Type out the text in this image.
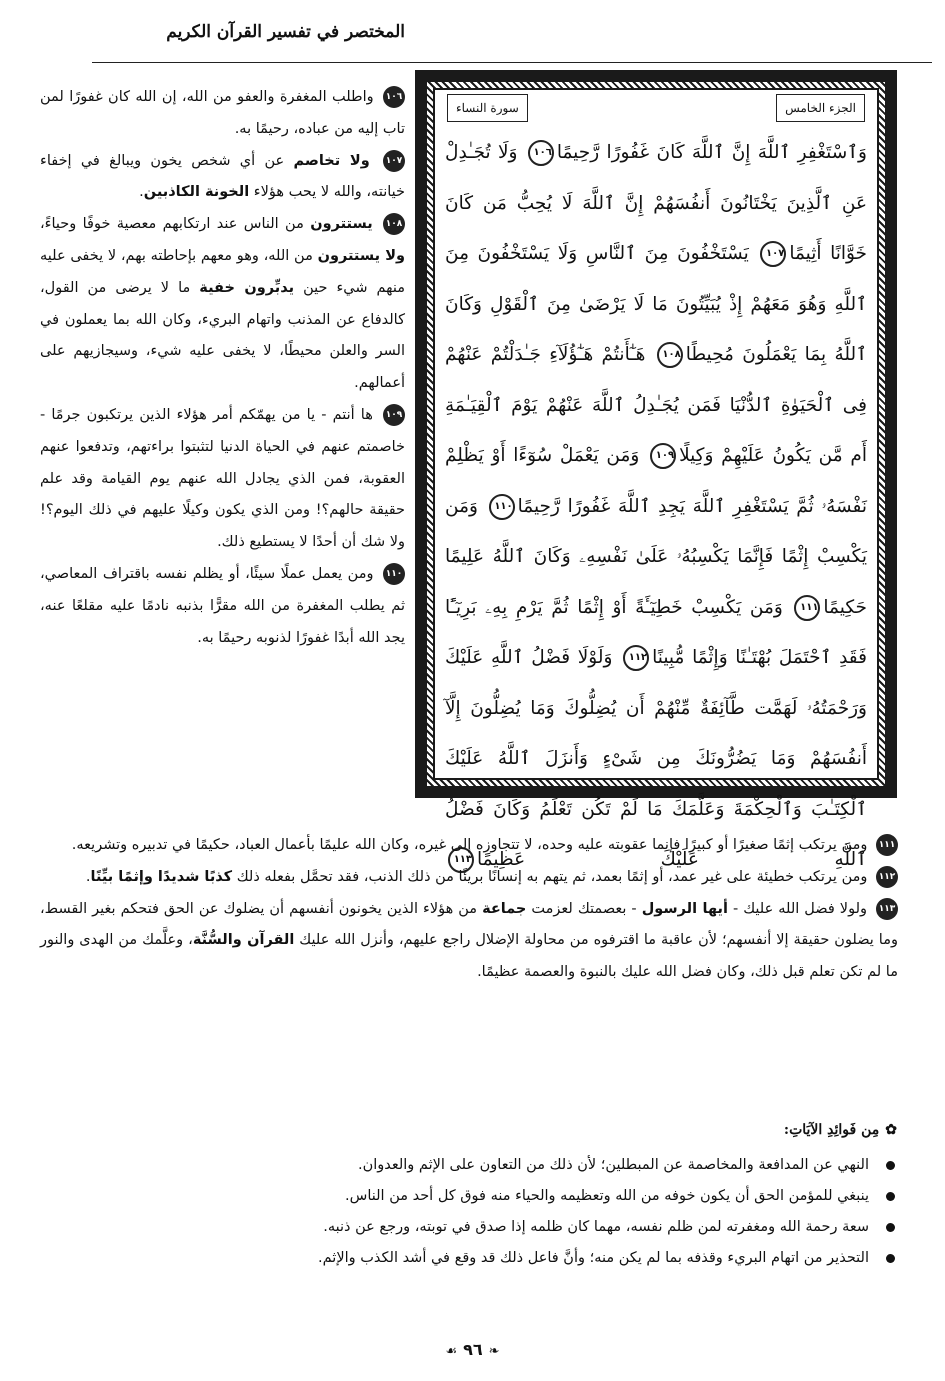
المختصر في تفسير القرآن الكريم
الجزء الخامس
سورة النساء

وَٱسْتَغْفِرِ ٱللَّهَ إِنَّ ٱللَّهَ كَانَ غَفُورًا رَّحِيمًا١٠٦ وَلَا تُجَـٰدِلْ عَنِ ٱلَّذِينَ يَخْتَانُونَ أَنفُسَهُمْ إِنَّ ٱللَّهَ لَا يُحِبُّ مَن كَانَ خَوَّانًا أَثِيمًا١٠٧ يَسْتَخْفُونَ مِنَ ٱلنَّاسِ وَلَا يَسْتَخْفُونَ مِنَ ٱللَّهِ وَهُوَ مَعَهُمْ إِذْ يُبَيِّتُونَ مَا لَا يَرْضَىٰ مِنَ ٱلْقَوْلِ وَكَانَ ٱللَّهُ بِمَا يَعْمَلُونَ مُحِيطًا١٠٨ هَـٰٓأَنتُمْ هَـٰٓؤُلَآءِ جَـٰدَلْتُمْ عَنْهُمْ فِى ٱلْحَيَوٰةِ ٱلدُّنْيَا فَمَن يُجَـٰدِلُ ٱللَّهَ عَنْهُمْ يَوْمَ ٱلْقِيَـٰمَةِ أَم مَّن يَكُونُ عَلَيْهِمْ وَكِيلًا١٠٩ وَمَن يَعْمَلْ سُوٓءًا أَوْ يَظْلِمْ نَفْسَهُۥ ثُمَّ يَسْتَغْفِرِ ٱللَّهَ يَجِدِ ٱللَّهَ غَفُورًا رَّحِيمًا١١٠ وَمَن يَكْسِبْ إِثْمًا فَإِنَّمَا يَكْسِبُهُۥ عَلَىٰ نَفْسِهِۦ وَكَانَ ٱللَّهُ عَلِيمًا حَكِيمًا١١١ وَمَن يَكْسِبْ خَطِيٓـَٔةً أَوْ إِثْمًا ثُمَّ يَرْمِ بِهِۦ بَرِيٓـًٔا فَقَدِ ٱحْتَمَلَ بُهْتَـٰنًا وَإِثْمًا مُّبِينًا١١٢ وَلَوْلَا فَضْلُ ٱللَّهِ عَلَيْكَ وَرَحْمَتُهُۥ لَهَمَّت طَّآئِفَةٌ مِّنْهُمْ أَن يُضِلُّوكَ وَمَا يُضِلُّونَ إِلَّآ أَنفُسَهُمْ وَمَا يَضُرُّونَكَ مِن شَىْءٍ وَأَنزَلَ ٱللَّهُ عَلَيْكَ ٱلْكِتَـٰبَ وَٱلْحِكْمَةَ وَعَلَّمَكَ مَا لَمْ تَكُن تَعْلَمُ وَكَانَ فَضْلُ ٱللَّهِ عَلَيْكَ عَظِيمًا١١٣

١٠٦ واطلب المغفرة والعفو من الله، إن الله كان غفورًا لمن تاب إليه من عباده، رحيمًا به.

١٠٧ ولا تخاصم عن أي شخص يخون ويبالغ في إخفاء خيانته، والله لا يحب هؤلاء الخونة الكاذبين.

١٠٨ يستترون من الناس عند ارتكابهم معصية خوفًا وحياءً، ولا يستترون من الله، وهو معهم بإحاطته بهم، لا يخفى عليه منهم شيء حين يدبِّرون خفية ما لا يرضى من القول، كالدفاع عن المذنب واتهام البريء، وكان الله بما يعملون في السر والعلن محيطًا، لا يخفى عليه شيء، وسيجازيهم على أعمالهم.

١٠٩ ها أنتم - يا من يهمّكم أمر هؤلاء الذين يرتكبون جرمًا - خاصمتم عنهم في الحياة الدنيا لتثبتوا براءتهم، وتدفعوا عنهم العقوبة، فمن الذي يجادل الله عنهم يوم القيامة وقد علم حقيقة حالهم؟! ومن الذي يكون وكيلًا عليهم في ذلك اليوم؟! ولا شك أن أحدًا لا يستطيع ذلك.

١١٠ ومن يعمل عملًا سيئًا، أو يظلم نفسه باقتراف المعاصي، ثم يطلب المغفرة من الله مقرًّا بذنبه نادمًا عليه مقلعًا عنه، يجد الله أبدًا غفورًا لذنوبه رحيمًا به.

١١١ ومن يرتكب إثمًا صغيرًا أو كبيرًا فإنما عقوبته عليه وحده، لا تتجاوزه إلى غيره، وكان الله عليمًا بأعمال العباد، حكيمًا في تدبيره وتشريعه.

١١٢ ومن يرتكب خطيئة على غير عمد، أو إثمًا بعمد، ثم يتهم به إنسانًا بريئًا من ذلك الذنب، فقد تحمَّل بفعله ذلك كذبًا شديدًا وإثمًا بيِّنًا.

١١٣ ولولا فضل الله عليك - أيها الرسول - بعصمتك لعزمت جماعة من هؤلاء الذين يخونون أنفسهم أن يضلوك عن الحق فتحكم بغير القسط، وما يضلون حقيقة إلا أنفسهم؛ لأن عاقبة ما اقترفوه من محاولة الإضلال راجع عليهم، وأنزل الله عليك القرآن والسُّنَّة، وعلَّمك من الهدى والنور ما لم تكن تعلم قبل ذلك، وكان فضل الله عليك بالنبوة والعصمة عظيمًا.

✿مِن فَوائِدِ الآيَاتِ:
النهي عن المدافعة والمخاصمة عن المبطلين؛ لأن ذلك من التعاون على الإثم والعدوان.
ينبغي للمؤمن الحق أن يكون خوفه من الله وتعظيمه والحياء منه فوق كل أحد من الناس.
سعة رحمة الله ومغفرته لمن ظلم نفسه، مهما كان ظلمه إذا صدق في توبته، ورجع عن ذنبه.
التحذير من اتهام البريء وقذفه بما لم يكن منه؛ وأنَّ فاعل ذلك قد وقع في أشد الكذب والإثم.
❧٩٦☙
